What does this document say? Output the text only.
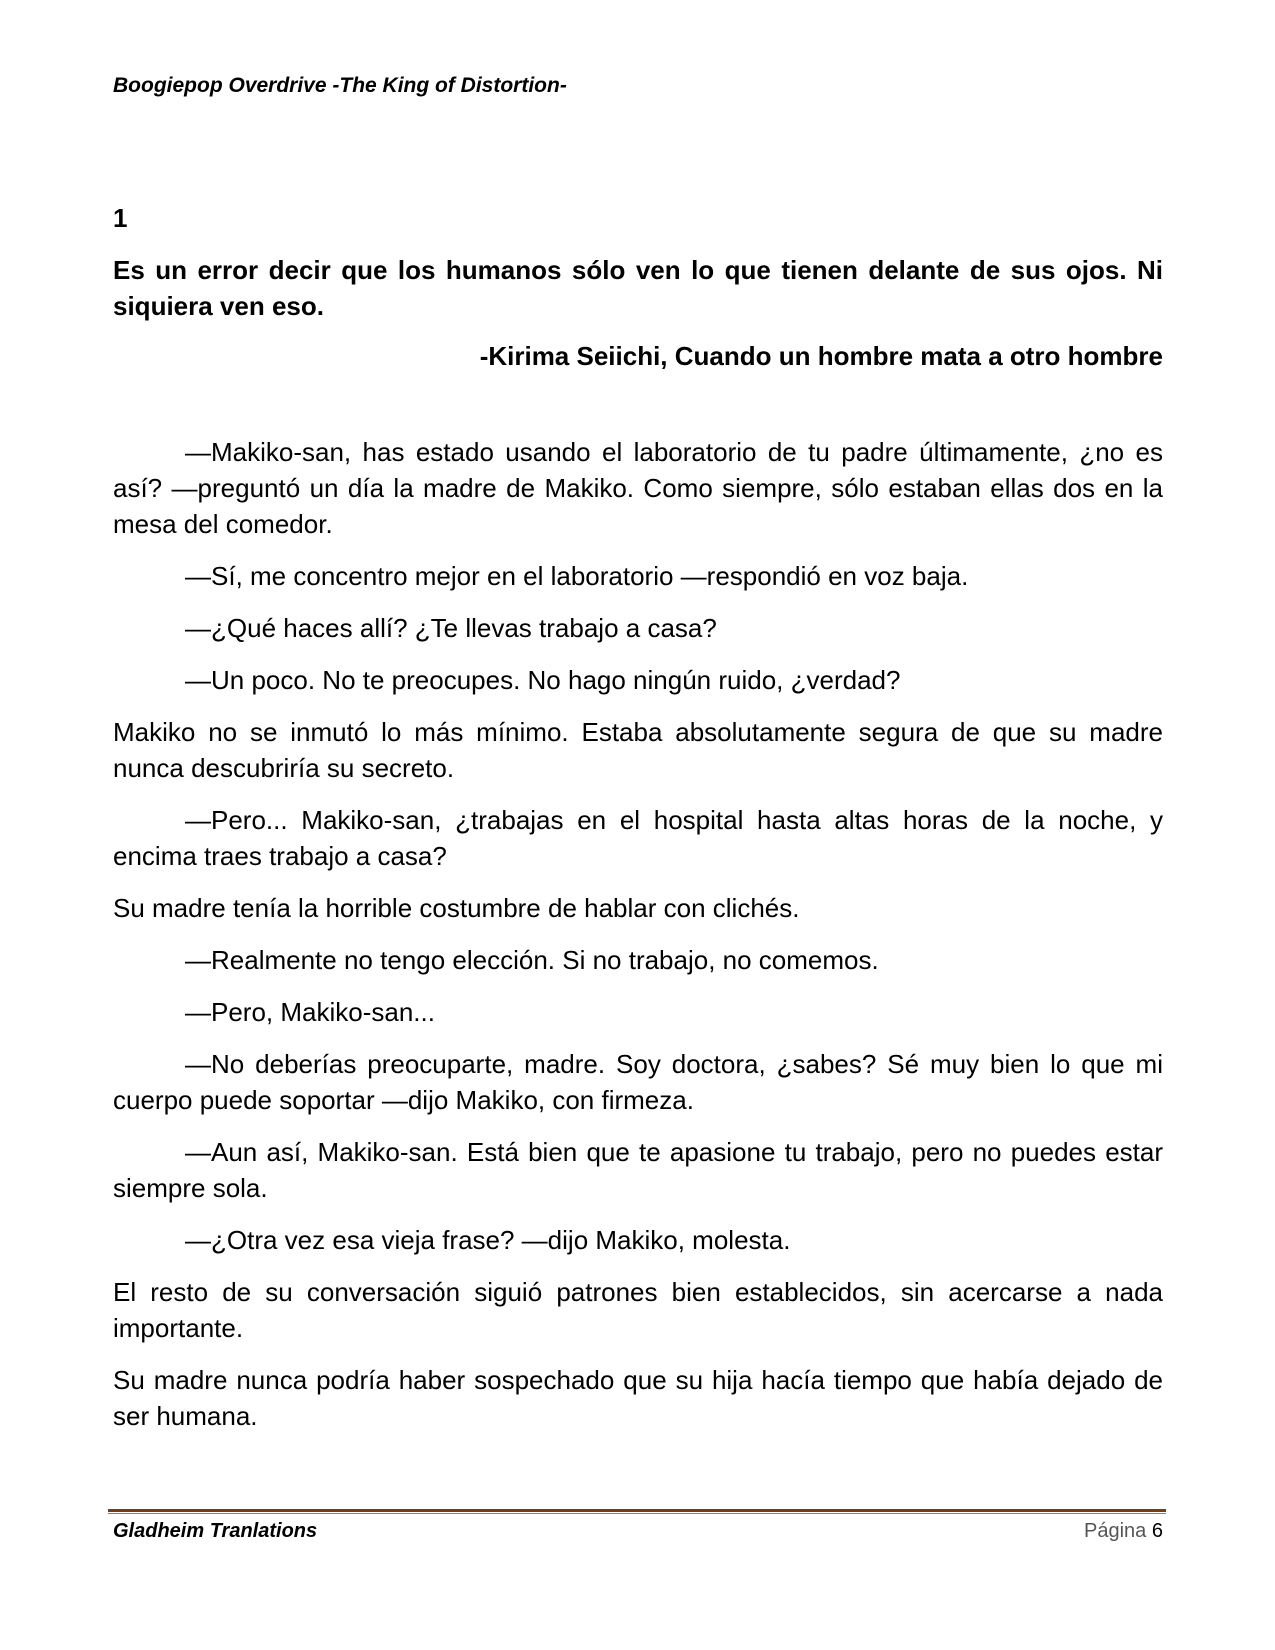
Boogiepop Overdrive -The King of Distortion-

1

Es un error decir que los humanos sólo ven lo que tienen delante de sus ojos. Ni siquiera ven eso.

-Kirima Seiichi, Cuando un hombre mata a otro hombre

—Makiko-san, has estado usando el laboratorio de tu padre últimamente, ¿no es así? —preguntó un día la madre de Makiko. Como siempre, sólo estaban ellas dos en la mesa del comedor.

—Sí, me concentro mejor en el laboratorio —respondió en voz baja.

—¿Qué haces allí? ¿Te llevas trabajo a casa?

—Un poco. No te preocupes. No hago ningún ruido, ¿verdad?

Makiko no se inmutó lo más mínimo. Estaba absolutamente segura de que su madre nunca descubriría su secreto.

—Pero... Makiko-san, ¿trabajas en el hospital hasta altas horas de la noche, y encima traes trabajo a casa?

Su madre tenía la horrible costumbre de hablar con clichés.

—Realmente no tengo elección. Si no trabajo, no comemos.

—Pero, Makiko-san...

—No deberías preocuparte, madre. Soy doctora, ¿sabes? Sé muy bien lo que mi cuerpo puede soportar —dijo Makiko, con firmeza.

—Aun así, Makiko-san. Está bien que te apasione tu trabajo, pero no puedes estar siempre sola.

—¿Otra vez esa vieja frase? —dijo Makiko, molesta.

El resto de su conversación siguió patrones bien establecidos, sin acercarse a nada importante.

Su madre nunca podría haber sospechado que su hija hacía tiempo que había dejado de ser humana.

Gladheim Tranlations	Página 6
